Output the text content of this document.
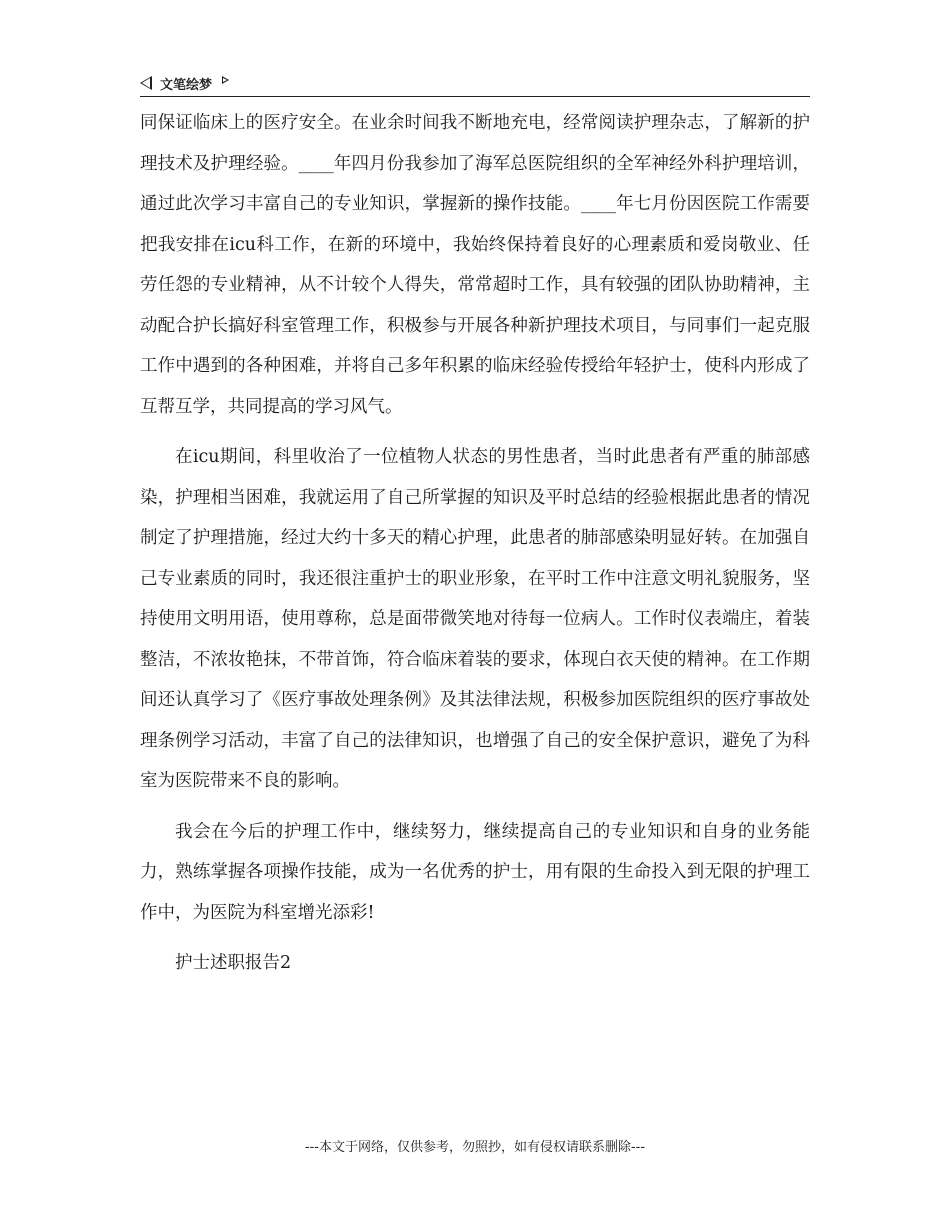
文笔绘梦

同保证临床上的医疗安全。在业余时间我不断地充电，经常阅读护理杂志，了解新的护理技术及护理经验。____年四月份我参加了海军总医院组织的全军神经外科护理培训，通过此次学习丰富自己的专业知识，掌握新的操作技能。____年七月份因医院工作需要把我安排在icu科工作，在新的环境中，我始终保持着良好的心理素质和爱岗敬业、任劳任怨的专业精神，从不计较个人得失，常常超时工作，具有较强的团队协助精神，主动配合护长搞好科室管理工作，积极参与开展各种新护理技术项目，与同事们一起克服工作中遇到的各种困难，并将自己多年积累的临床经验传授给年轻护士，使科内形成了互帮互学，共同提高的学习风气。

在icu期间，科里收治了一位植物人状态的男性患者，当时此患者有严重的肺部感染，护理相当困难，我就运用了自己所掌握的知识及平时总结的经验根据此患者的情况制定了护理措施，经过大约十多天的精心护理，此患者的肺部感染明显好转。在加强自己专业素质的同时，我还很注重护士的职业形象，在平时工作中注意文明礼貌服务，坚持使用文明用语，使用尊称，总是面带微笑地对待每一位病人。工作时仪表端庄，着装整洁，不浓妆艳抹，不带首饰，符合临床着装的要求，体现白衣天使的精神。在工作期间还认真学习了《医疗事故处理条例》及其法律法规，积极参加医院组织的医疗事故处理条例学习活动，丰富了自己的法律知识，也增强了自己的安全保护意识，避免了为科室为医院带来不良的影响。

我会在今后的护理工作中，继续努力，继续提高自己的专业知识和自身的业务能力，熟练掌握各项操作技能，成为一名优秀的护士，用有限的生命投入到无限的护理工作中，为医院为科室增光添彩!

护士述职报告2

---本文于网络，仅供参考，勿照抄，如有侵权请联系删除---
